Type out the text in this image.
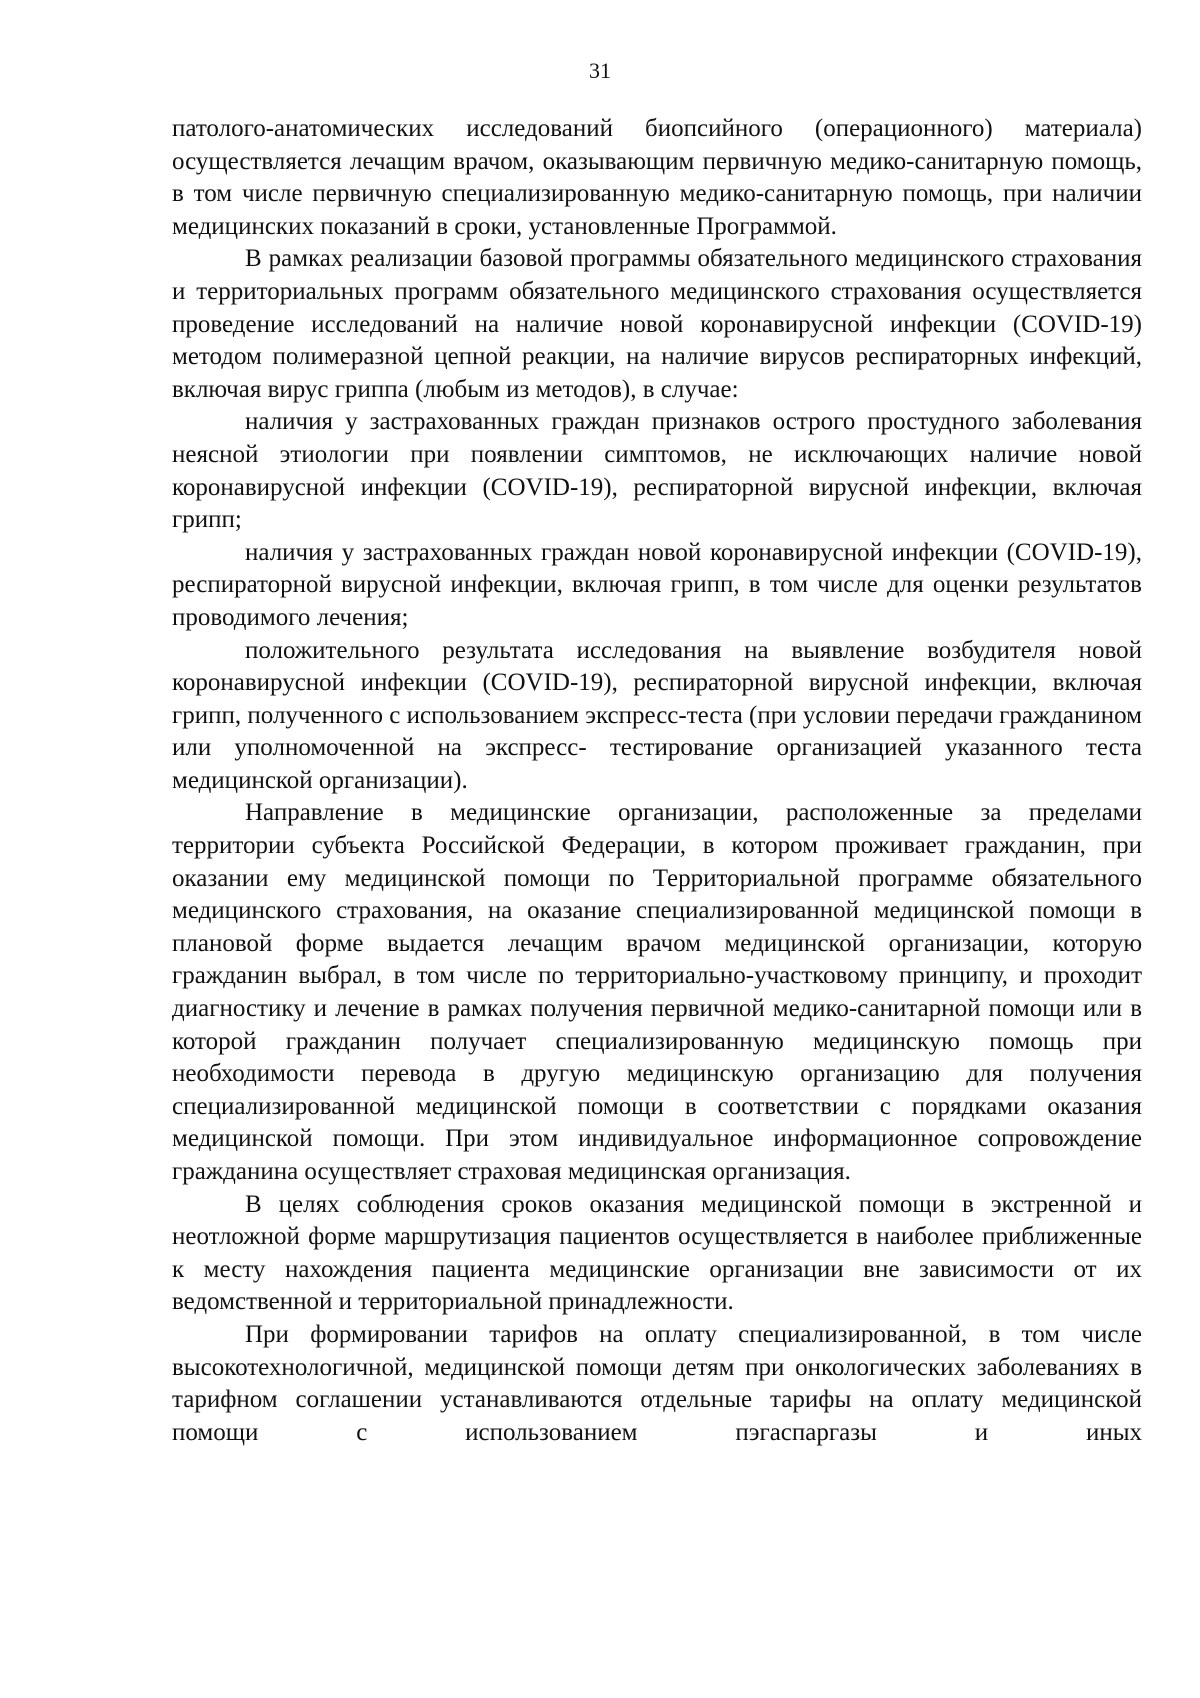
31

патолого-анатомических исследований биопсийного (операционного) материала) осуществляется лечащим врачом, оказывающим первичную медико-санитарную помощь, в том числе первичную специализированную медико-санитарную помощь, при наличии медицинских показаний в сроки, установленные Программой.

В рамках реализации базовой программы обязательного медицинского страхования и территориальных программ обязательного медицинского страхования осуществляется проведение исследований на наличие новой коронавирусной инфекции (COVID-19) методом полимеразной цепной реакции, на наличие вирусов респираторных инфекций, включая вирус гриппа (любым из методов), в случае:

наличия у застрахованных граждан признаков острого простудного заболевания неясной этиологии при появлении симптомов, не исключающих наличие новой коронавирусной инфекции (COVID-19), респираторной вирусной инфекции, включая грипп;

наличия у застрахованных граждан новой коронавирусной инфекции (COVID-19), респираторной вирусной инфекции, включая грипп, в том числе для оценки результатов проводимого лечения;

положительного результата исследования на выявление возбудителя новой коронавирусной инфекции (COVID-19), респираторной вирусной инфекции, включая грипп, полученного с использованием экспресс-теста (при условии передачи гражданином или уполномоченной на экспресс- тестирование организацией указанного теста медицинской организации).

Направление в медицинские организации, расположенные за пределами территории субъекта Российской Федерации, в котором проживает гражданин, при оказании ему медицинской помощи по Территориальной программе обязательного медицинского страхования, на оказание специализированной медицинской помощи в плановой форме выдается лечащим врачом медицинской организации, которую гражданин выбрал, в том числе по территориально-участковому принципу, и проходит диагностику и лечение в рамках получения первичной медико-санитарной помощи или в которой гражданин получает специализированную медицинскую помощь при необходимости перевода в другую медицинскую организацию для получения специализированной медицинской помощи в соответствии с порядками оказания медицинской помощи. При этом индивидуальное информационное сопровождение гражданина осуществляет страховая медицинская организация.

В целях соблюдения сроков оказания медицинской помощи в экстренной и неотложной форме маршрутизация пациентов осуществляется в наиболее приближенные к месту нахождения пациента медицинские организации вне зависимости от их ведомственной и территориальной принадлежности.

При формировании тарифов на оплату специализированной, в том числе высокотехнологичной, медицинской помощи детям при онкологических заболеваниях в тарифном соглашении устанавливаются отдельные тарифы на оплату медицинской помощи с использованием пэгаспаргазы и иных
